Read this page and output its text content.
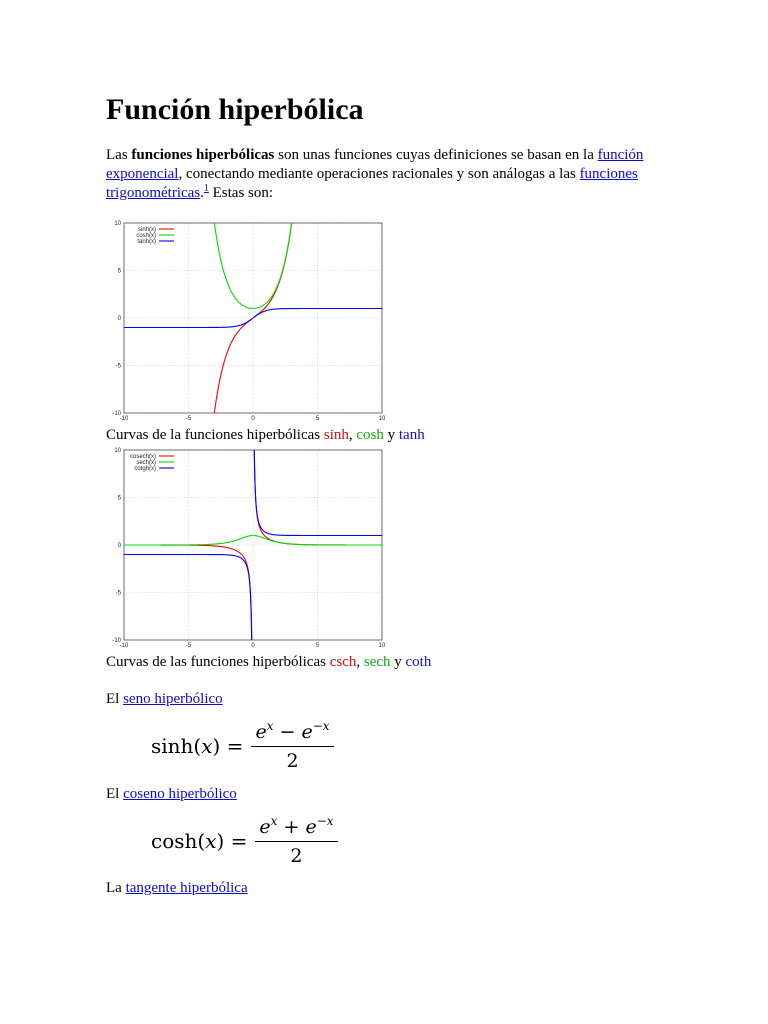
Función hiperbólica

Las funciones hiperbólicas son unas funciones cuyas definiciones se basan en la función exponencial, conectando mediante operaciones racionales y son análogas a las funciones trigonométricas.$^1$ Estas son:

-10	-5	0	5	10
10
5
0
-5
-10
sinh(x)
cosh(x)
tanh(x)

Curvas de la funciones hiperbólicas sinh, cosh y tanh

-10	-5	0	5	10
10
5
0
-5
-10
cosech(x)
sech(x)
cotgh(x)

Curvas de las funciones hiperbólicas csch, sech y coth

El seno hiperbólico

$\sinh(x) = \frac{e^x - e^{-x}}{2}$

El coseno hiperbólico

$\cosh(x) = \frac{e^x + e^{-x}}{2}$

La tangente hiperbólica
